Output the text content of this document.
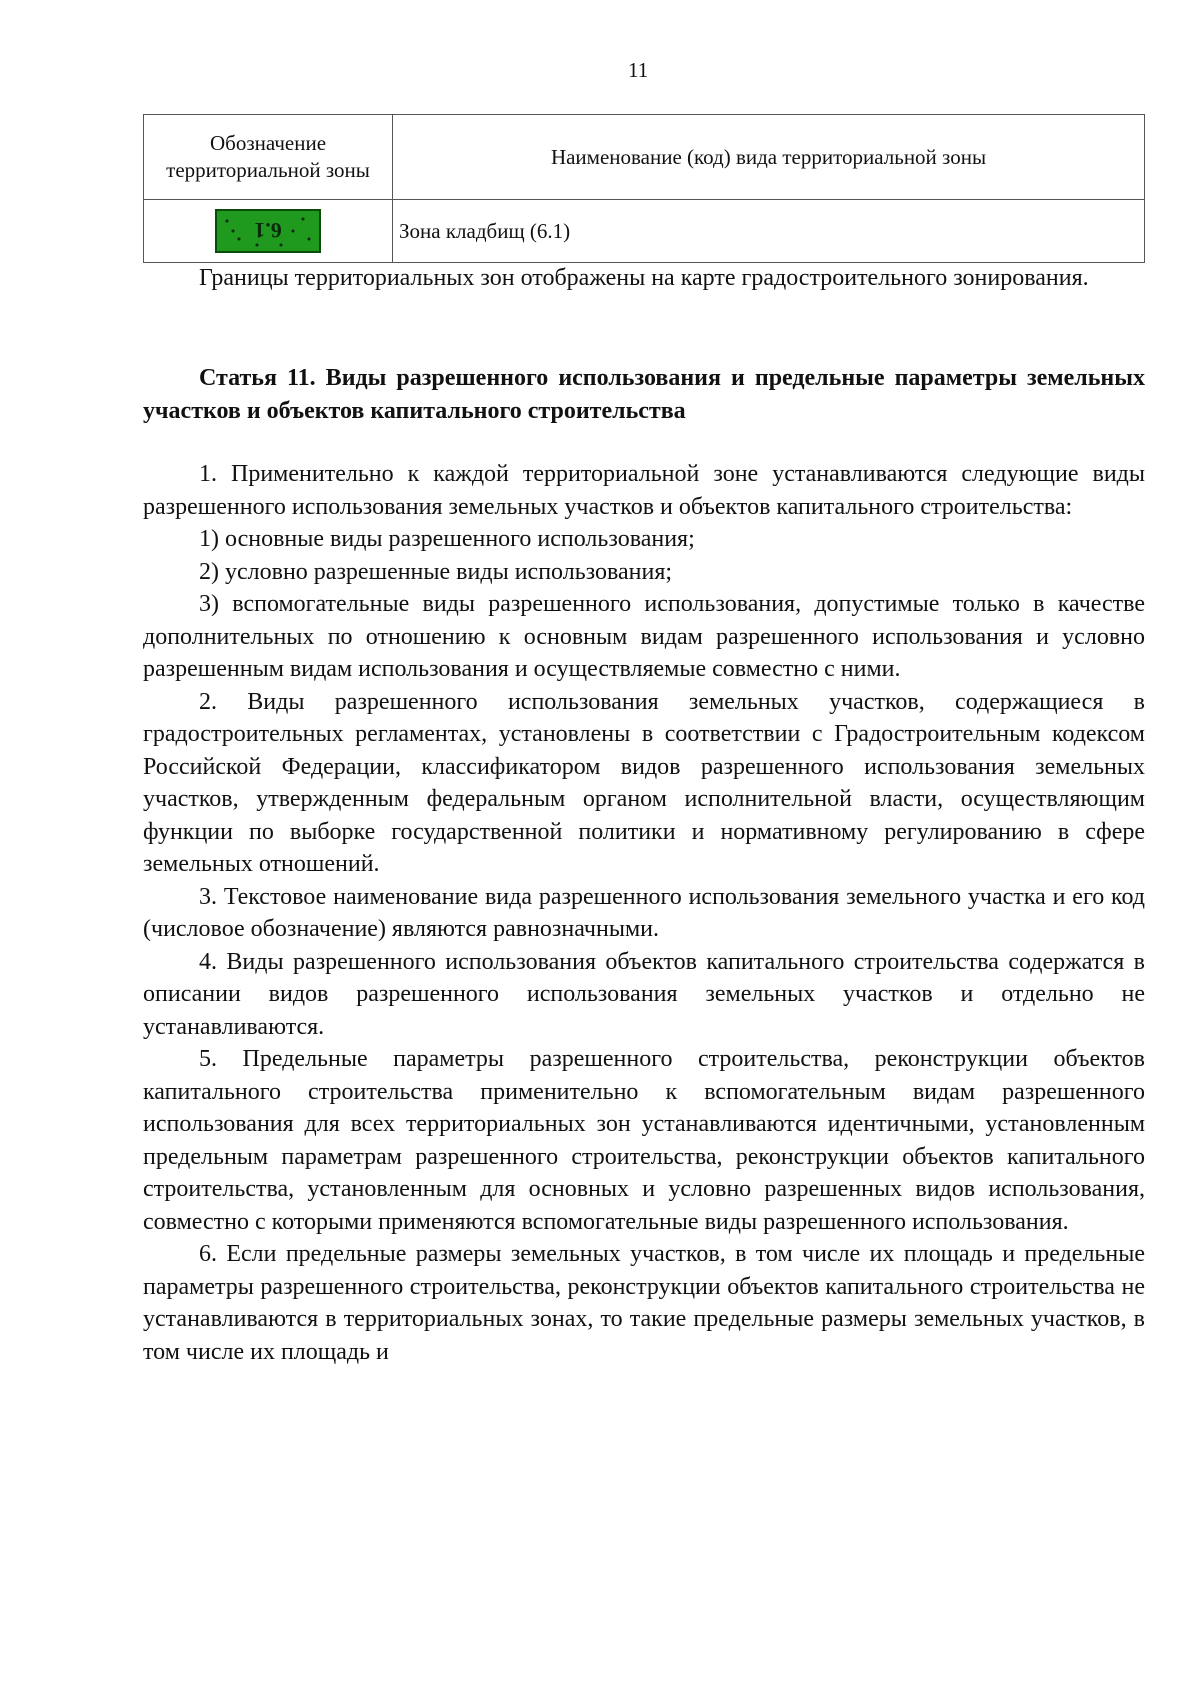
11
Обозначение территориальной зоны	Наименование (код) вида территориальной зоны

6.1	Зона кладбищ (6.1)

Границы территориальных зон отображены на карте градостроительного зонирования.

Статья 11. Виды разрешенного использования и предельные параметры земельных участков и объектов капитального строительства

1. Применительно к каждой территориальной зоне устанавливаются следующие виды разрешенного использования земельных участков и объектов капитального строительства:

1) основные виды разрешенного использования;

2) условно разрешенные виды использования;

3) вспомогательные виды разрешенного использования, допустимые только в качестве дополнительных по отношению к основным видам разрешенного использования и условно разрешенным видам использования и осуществляемые совместно с ними.

2. Виды разрешенного использования земельных участков, содержащиеся в градостроительных регламентах, установлены в соответствии с Градостроительным кодексом Российской Федерации, классификатором видов разрешенного использования земельных участков, утвержденным федеральным органом исполнительной власти, осуществляющим функции по выборке государственной политики и нормативному регулированию в сфере земельных отношений.

3. Текстовое наименование вида разрешенного использования земельного участка и его код (числовое обозначение) являются равнозначными.

4. Виды разрешенного использования объектов капитального строительства содержатся в описании видов разрешенного использования земельных участков и отдельно не устанавливаются.

5. Предельные параметры разрешенного строительства, реконструкции объектов капитального строительства применительно к вспомогательным видам разрешенного использования для всех территориальных зон устанавливаются идентичными, установленным предельным параметрам разрешенного строительства, реконструкции объектов капитального строительства, установленным для основных и условно разрешенных видов использования, совместно с которыми применяются вспомогательные виды разрешенного использования.

6. Если предельные размеры земельных участков, в том числе их площадь и предельные параметры разрешенного строительства, реконструкции объектов капитального строительства не устанавливаются в территориальных зонах, то такие предельные размеры земельных участков, в том числе их площадь и
